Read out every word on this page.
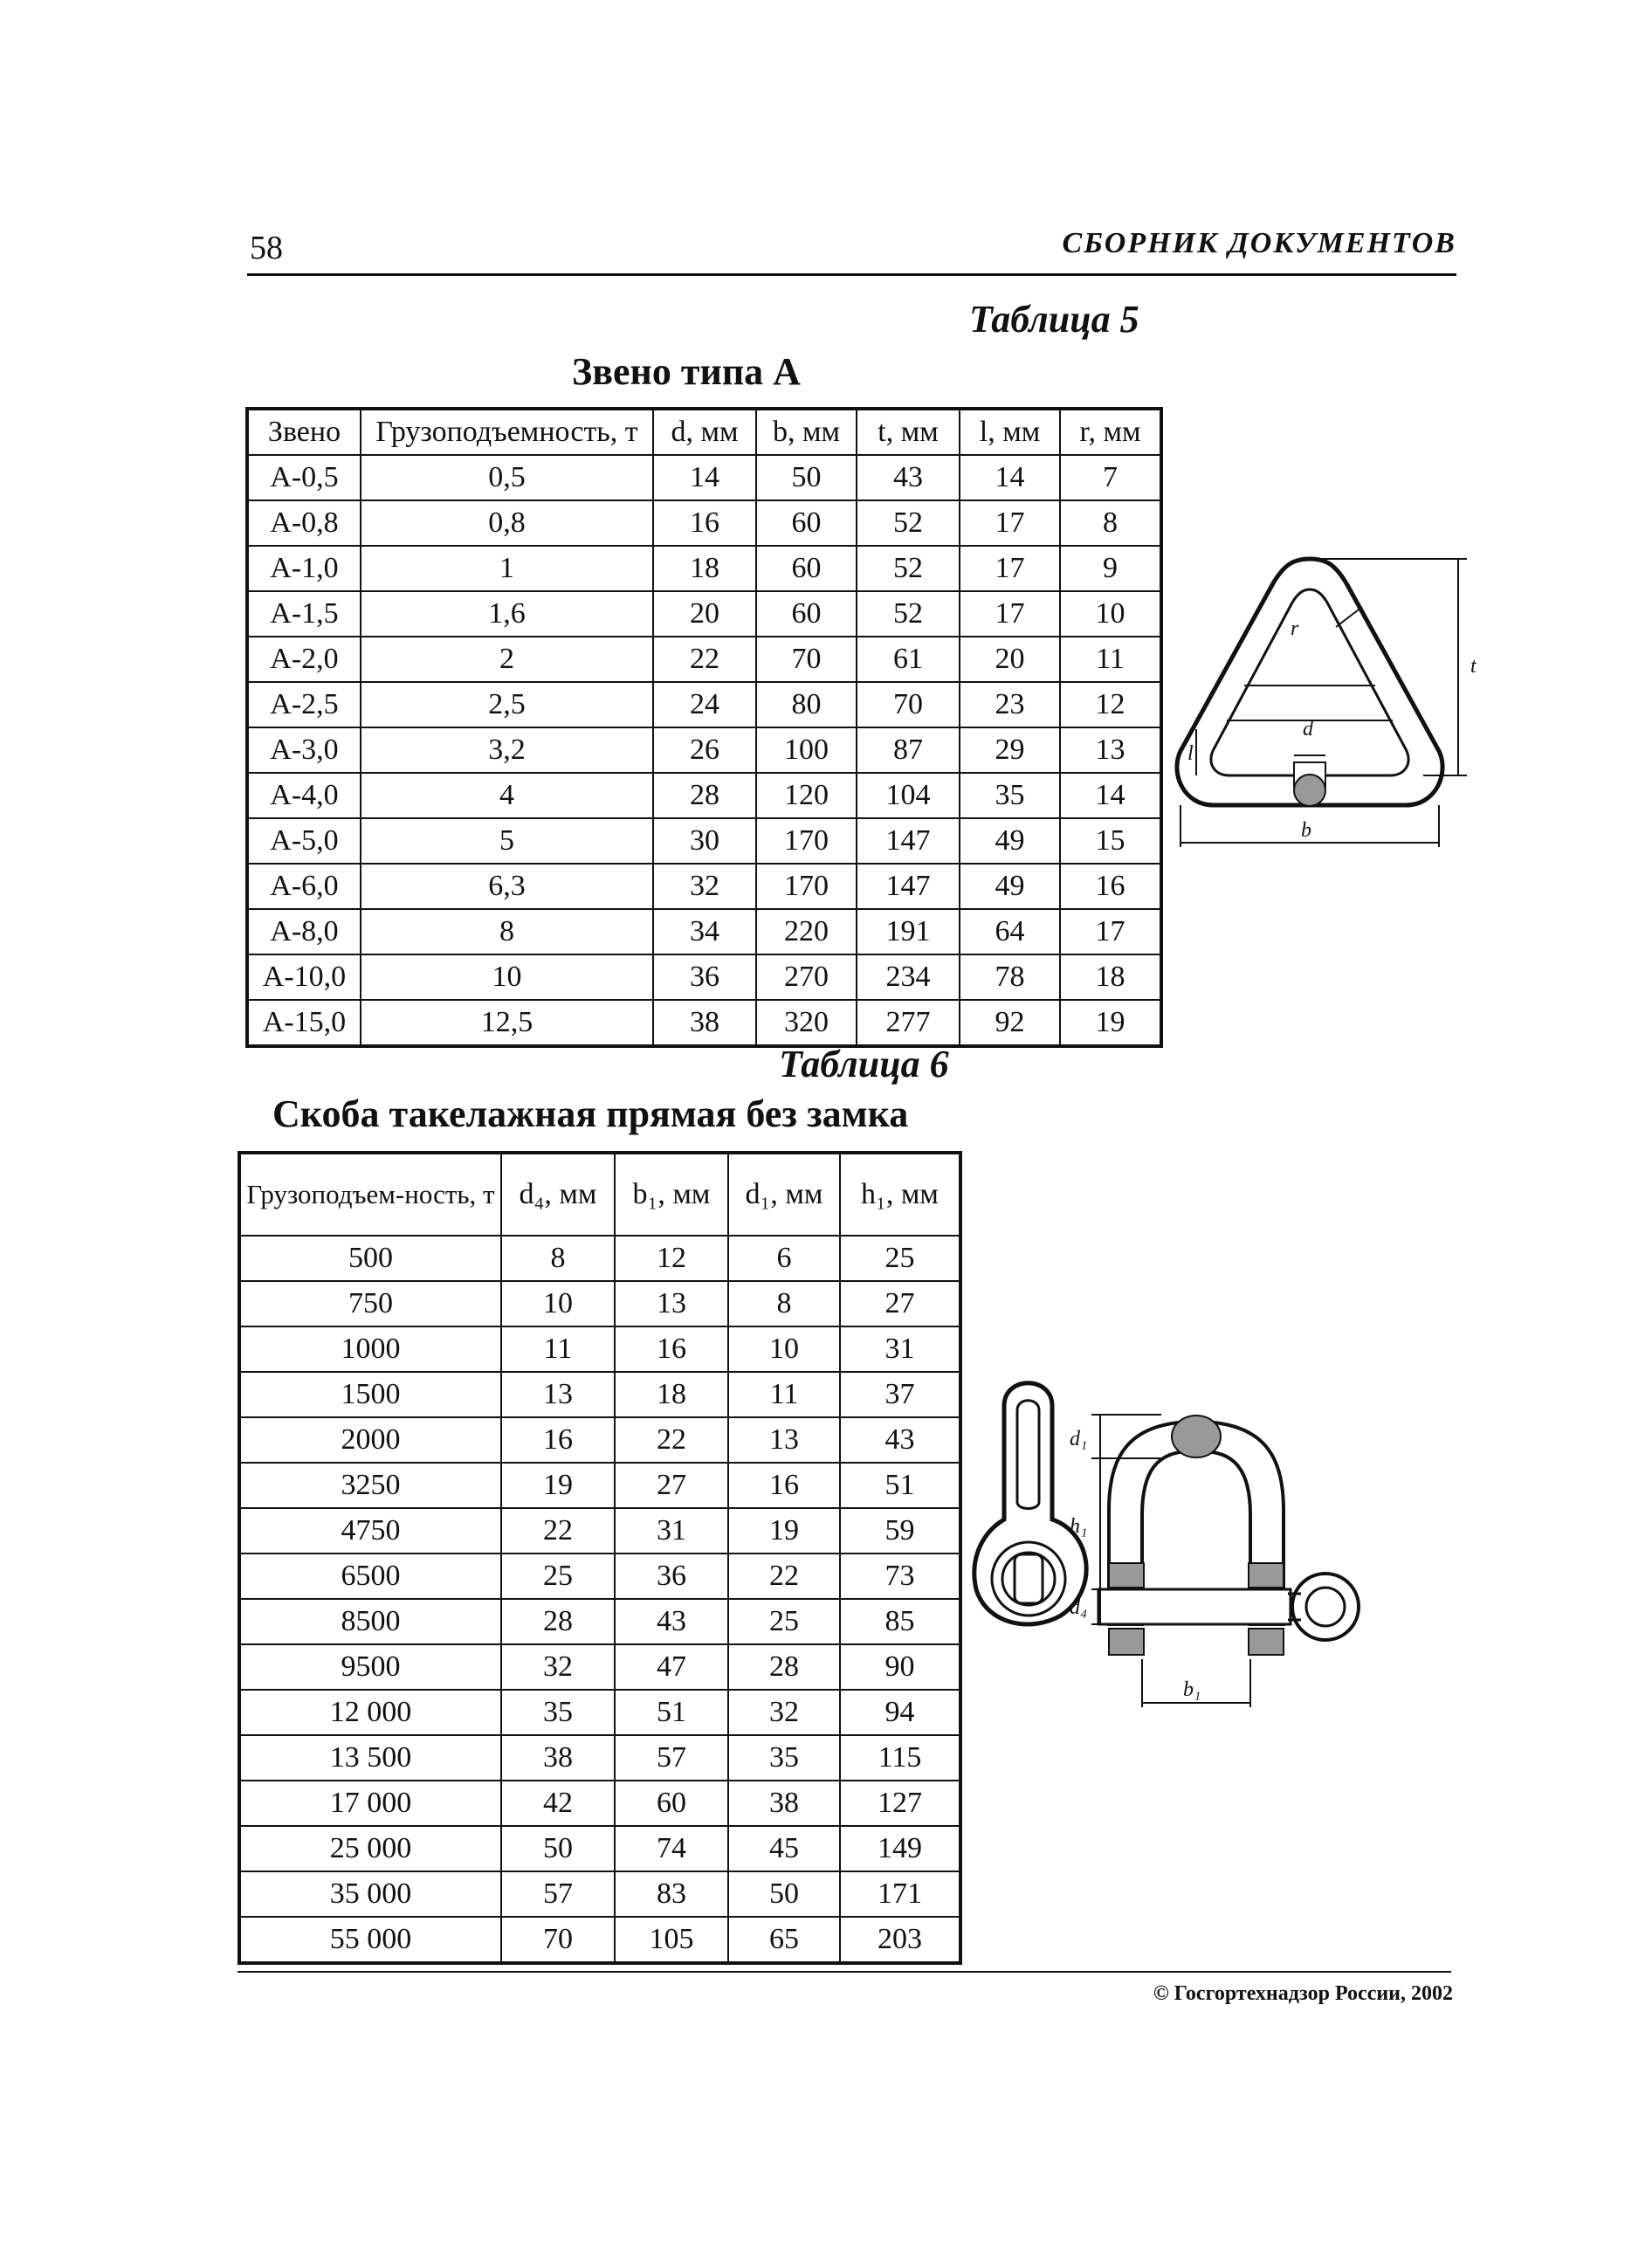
58	СБОРНИК ДОКУМЕНТОВ
Таблица 5
Звено типа А
Звено	Грузоподъемность, т	d, мм	b, мм	t, мм	l, мм	r, мм
А-0,5	0,5	14	50	43	14	7
А-0,8	0,8	16	60	52	17	8
А-1,0	1	18	60	52	17	9
А-1,5	1,6	20	60	52	17	10
А-2,0	2	22	70	61	20	11
А-2,5	2,5	24	80	70	23	12
А-3,0	3,2	26	100	87	29	13
А-4,0	4	28	120	104	35	14
А-5,0	5	30	170	147	49	15
А-6,0	6,3	32	170	147	49	16
А-8,0	8	34	220	191	64	17
А-10,0	10	36	270	234	78	18
А-15,0	12,5	38	320	277	92	19
Таблица 6
Скоба такелажная прямая без замка
Грузоподъем-ность, т	d₄, мм	b₁, мм	d₁, мм	h₁, мм
500	8	12	6	25
750	10	13	8	27
1000	11	16	10	31
1500	13	18	11	37
2000	16	22	13	43
3250	19	27	16	51
4750	22	31	19	59
6500	25	36	22	73
8500	28	43	25	85
9500	32	47	28	90
12 000	35	51	32	94
13 500	38	57	35	115
17 000	42	60	38	127
25 000	50	74	45	149
35 000	57	83	50	171
55 000	70	105	65	203
r
t
l
d
b
d₁
h₁
d₄
b₁
© Госгортехнадзор России, 2002
